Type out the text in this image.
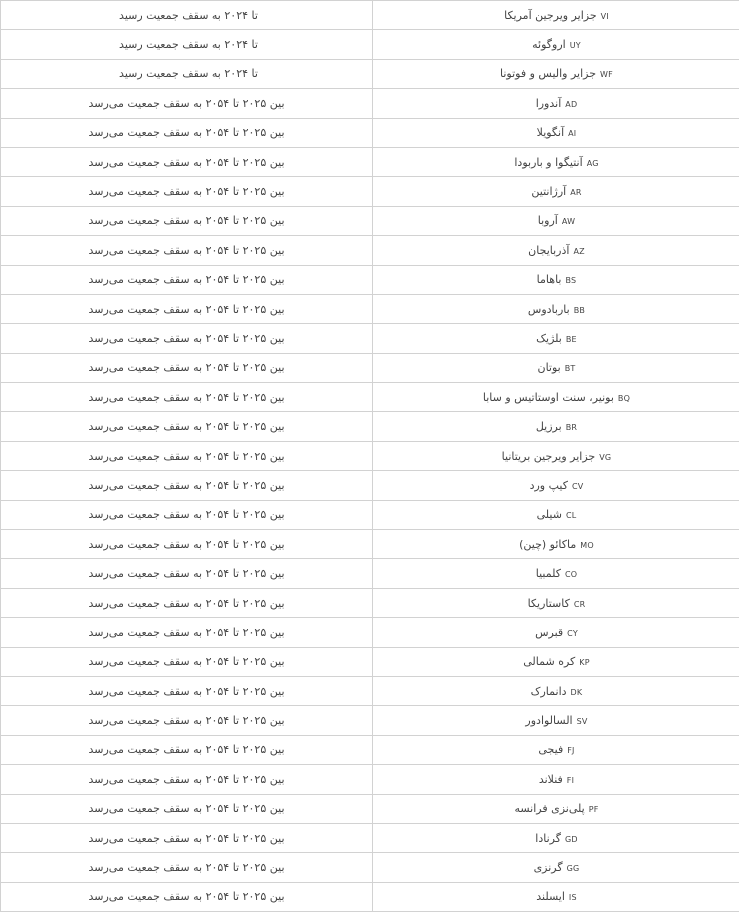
تا ۲۰۲۴ به سقف جمعیت رسید	جزایر ویرجین آمریکا VI
تا ۲۰۲۴ به سقف جمعیت رسید	اروگوئه UY
تا ۲۰۲۴ به سقف جمعیت رسید	جزایر والیس و فوتونا WF
بین ۲۰۲۵ تا ۲۰۵۴ به سقف جمعیت می‌رسد	آندورا AD
بین ۲۰۲۵ تا ۲۰۵۴ به سقف جمعیت می‌رسد	آنگویلا AI
بین ۲۰۲۵ تا ۲۰۵۴ به سقف جمعیت می‌رسد	آنتیگوا و باربودا AG
بین ۲۰۲۵ تا ۲۰۵۴ به سقف جمعیت می‌رسد	آرژانتین AR
بین ۲۰۲۵ تا ۲۰۵۴ به سقف جمعیت می‌رسد	آروبا AW
بین ۲۰۲۵ تا ۲۰۵۴ به سقف جمعیت می‌رسد	آذربایجان AZ
بین ۲۰۲۵ تا ۲۰۵۴ به سقف جمعیت می‌رسد	باهاما BS
بین ۲۰۲۵ تا ۲۰۵۴ به سقف جمعیت می‌رسد	باربادوس BB
بین ۲۰۲۵ تا ۲۰۵۴ به سقف جمعیت می‌رسد	بلژیک BE
بین ۲۰۲۵ تا ۲۰۵۴ به سقف جمعیت می‌رسد	بوتان BT
بین ۲۰۲۵ تا ۲۰۵۴ به سقف جمعیت می‌رسد	بونیر، سنت اوستاتیس و سابا BQ
بین ۲۰۲۵ تا ۲۰۵۴ به سقف جمعیت می‌رسد	برزیل BR
بین ۲۰۲۵ تا ۲۰۵۴ به سقف جمعیت می‌رسد	جزایر ویرجین بریتانیا VG
بین ۲۰۲۵ تا ۲۰۵۴ به سقف جمعیت می‌رسد	کیپ ورد CV
بین ۲۰۲۵ تا ۲۰۵۴ به سقف جمعیت می‌رسد	شیلی CL
بین ۲۰۲۵ تا ۲۰۵۴ به سقف جمعیت می‌رسد	ماکائو (چین) MO
بین ۲۰۲۵ تا ۲۰۵۴ به سقف جمعیت می‌رسد	کلمبیا CO
بین ۲۰۲۵ تا ۲۰۵۴ به سقف جمعیت می‌رسد	کاستاریکا CR
بین ۲۰۲۵ تا ۲۰۵۴ به سقف جمعیت می‌رسد	قبرس CY
بین ۲۰۲۵ تا ۲۰۵۴ به سقف جمعیت می‌رسد	کره شمالی KP
بین ۲۰۲۵ تا ۲۰۵۴ به سقف جمعیت می‌رسد	دانمارک DK
بین ۲۰۲۵ تا ۲۰۵۴ به سقف جمعیت می‌رسد	السالوادور SV
بین ۲۰۲۵ تا ۲۰۵۴ به سقف جمعیت می‌رسد	فیجی FJ
بین ۲۰۲۵ تا ۲۰۵۴ به سقف جمعیت می‌رسد	فنلاند FI
بین ۲۰۲۵ تا ۲۰۵۴ به سقف جمعیت می‌رسد	پلی‌نزی فرانسه PF
بین ۲۰۲۵ تا ۲۰۵۴ به سقف جمعیت می‌رسد	گرنادا GD
بین ۲۰۲۵ تا ۲۰۵۴ به سقف جمعیت می‌رسد	گرنزی GG
بین ۲۰۲۵ تا ۲۰۵۴ به سقف جمعیت می‌رسد	ایسلند IS
